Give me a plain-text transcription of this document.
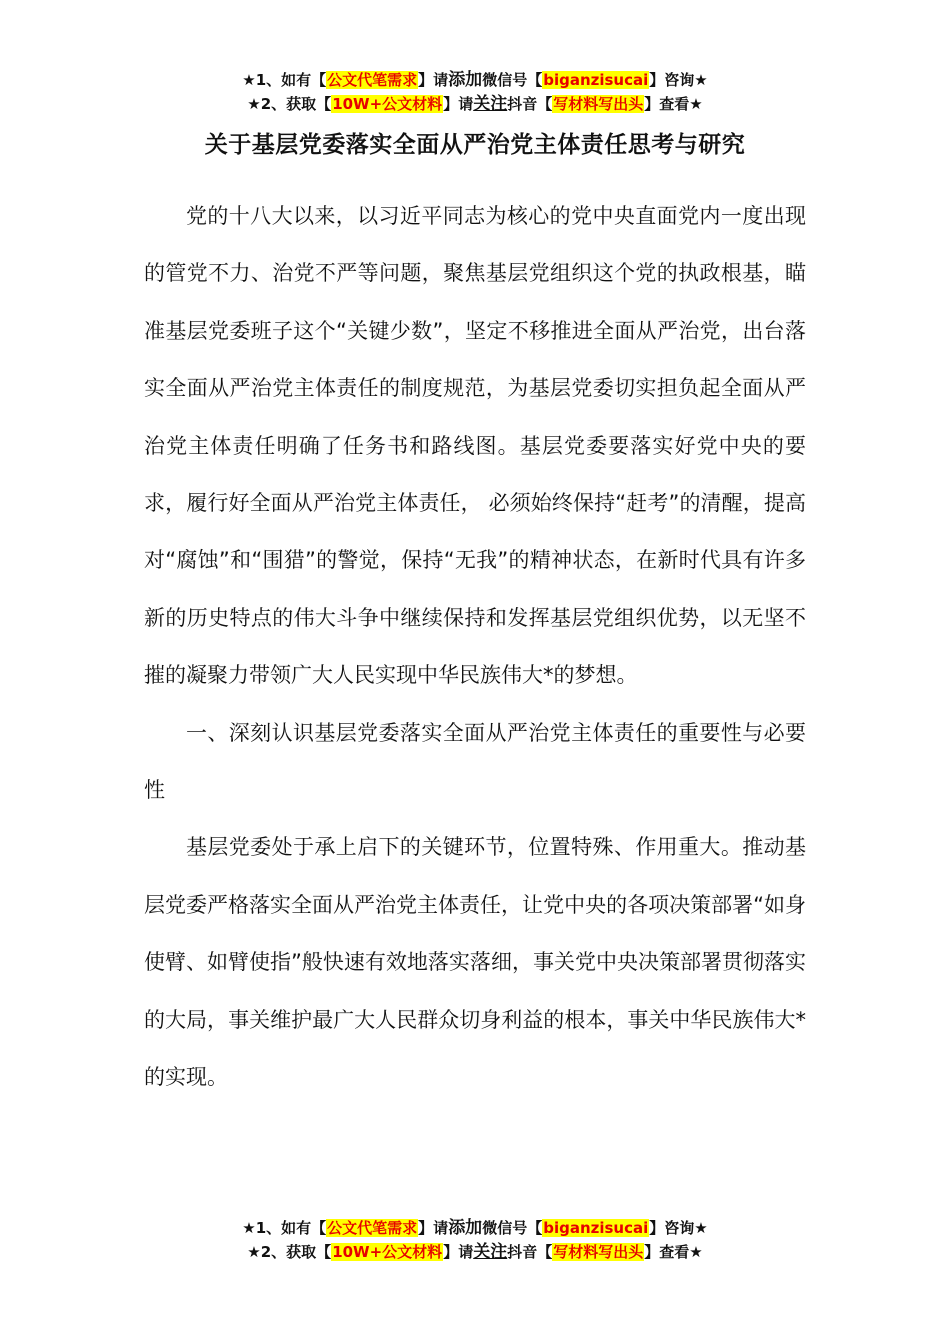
★1、如有【公文代笔需求】请添加微信号【biganzisucai】咨询★
★2、获取【10W+公文材料】请关注抖音【写材料写出头】查看★
关于基层党委落实全面从严治党主体责任思考与研究

党的十八大以来，以习近平同志为核心的党中央直面党内一度出现的管党不力、治党不严等问题，聚焦基层党组织这个党的执政根基，瞄准基层党委班子这个“关键少数”，坚定不移推进全面从严治党，出台落实全面从严治党主体责任的制度规范，为基层党委切实担负起全面从严治党主体责任明确了任务书和路线图。基层党委要落实好党中央的要求，履行好全面从严治党主体责任， 必须始终保持“赶考”的清醒，提高对“腐蚀”和“围猎”的警觉，保持“无我”的精神状态，在新时代具有许多新的历史特点的伟大斗争中继续保持和发挥基层党组织优势，以无坚不摧的凝聚力带领广大人民实现中华民族伟大*的梦想。

一、深刻认识基层党委落实全面从严治党主体责任的重要性与必要性

基层党委处于承上启下的关键环节，位置特殊、作用重大。推动基层党委严格落实全面从严治党主体责任，让党中央的各项决策部署“如身使臂、如臂使指”般快速有效地落实落细，事关党中央决策部署贯彻落实的大局，事关维护最广大人民群众切身利益的根本，事关中华民族伟大*的实现。

★1、如有【公文代笔需求】请添加微信号【biganzisucai】咨询★
★2、获取【10W+公文材料】请关注抖音【写材料写出头】查看★
